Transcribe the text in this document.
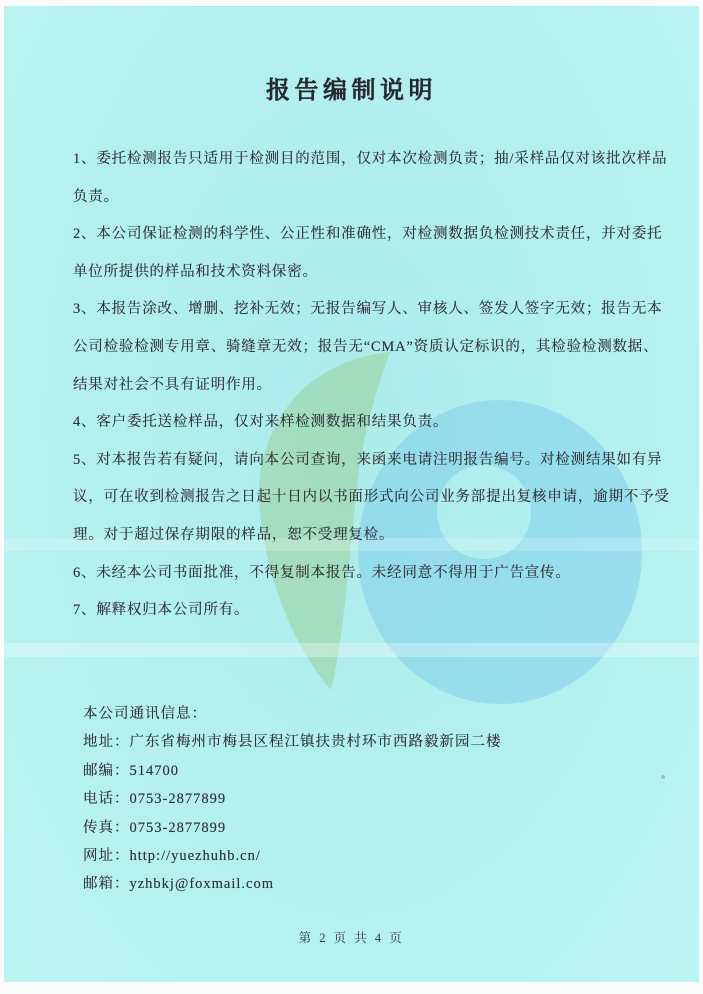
报告编制说明
1、委托检测报告只适用于检测目的范围，仅对本次检测负责；抽/采样品仅对该批次样品
负责。
2、本公司保证检测的科学性、公正性和准确性，对检测数据负检测技术责任，并对委托
单位所提供的样品和技术资料保密。
3、本报告涂改、增删、挖补无效；无报告编写人、审核人、签发人签字无效；报告无本
公司检验检测专用章、骑缝章无效；报告无“CMA”资质认定标识的，其检验检测数据、
结果对社会不具有证明作用。
4、客户委托送检样品，仅对来样检测数据和结果负责。
5、对本报告若有疑问，请向本公司查询，来函来电请注明报告编号。对检测结果如有异
议，可在收到检测报告之日起十日内以书面形式向公司业务部提出复核申请，逾期不予受
理。对于超过保存期限的样品，恕不受理复检。
6、未经本公司书面批准，不得复制本报告。未经同意不得用于广告宣传。
7、解释权归本公司所有。
本公司通讯信息：
地址：广东省梅州市梅县区程江镇扶贵村环市西路毅新园二楼
邮编：514700
电话：0753-2877899
传真：0753-2877899
网址：http://yuezhuhb.cn/
邮箱：yzhbkj@foxmail.com
第 2 页 共 4 页
